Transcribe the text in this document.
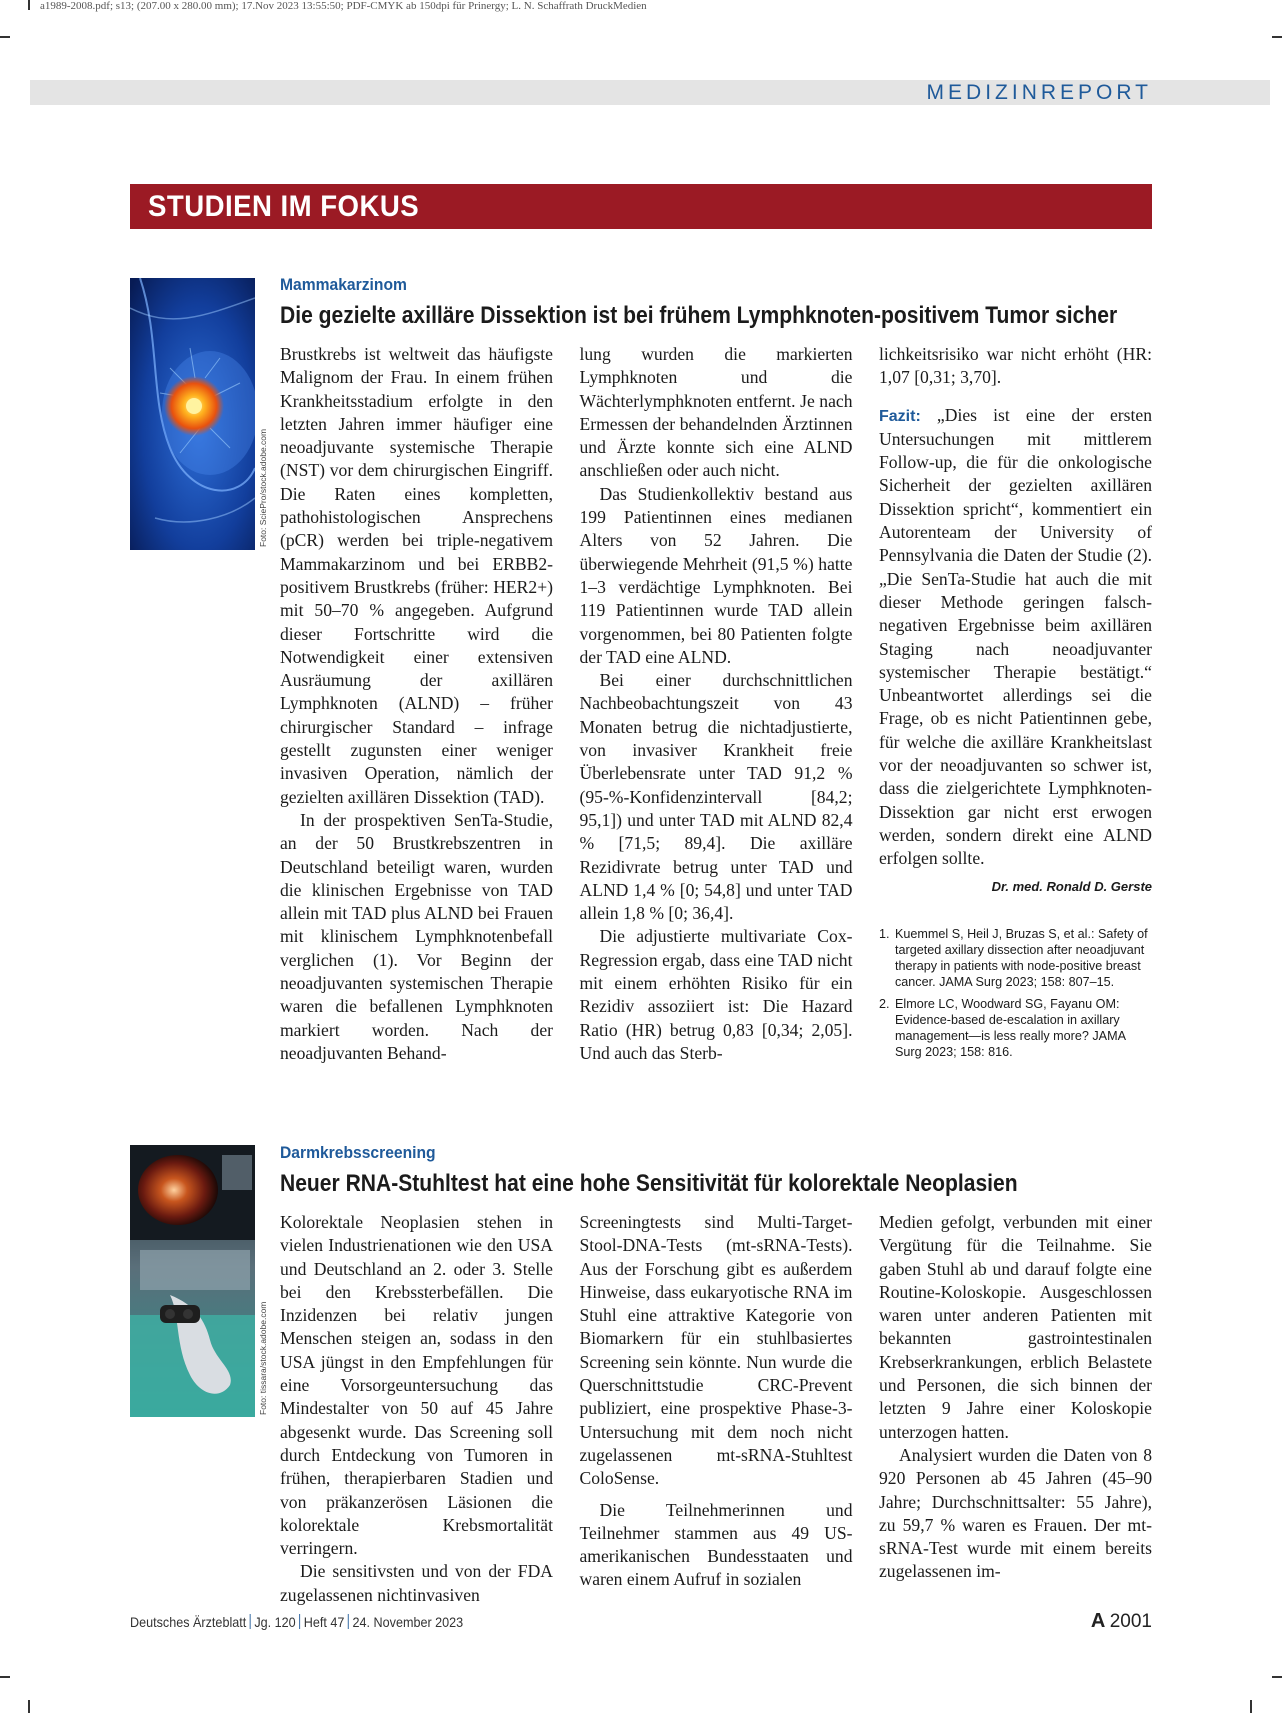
a1989-2008.pdf; s13; (207.00 x 280.00 mm); 17.Nov 2023 13:55:50; PDF-CMYK ab 150dpi für Prinergy; L. N. Schaffrath DruckMedien
MEDIZINREPORT
STUDIEN IM FOKUS
Foto: SciePro/stock.adobe.com
Mammakarzinom
Die gezielte axilläre Dissektion ist bei frühem Lymphknoten-positivem Tumor sicher

Brustkrebs ist weltweit das häufigste Malignom der Frau. In einem frühen Krankheitsstadium erfolgte in den letzten Jahren immer häufiger eine neoadjuvante systemische Therapie (NST) vor dem chirurgischen Eingriff. Die Raten eines kompletten, pathohistologischen Ansprechens (pCR) werden bei triple-negativem Mammakarzinom und bei ERBB2-positivem Brustkrebs (früher: HER2+) mit 50–70 % angegeben. Aufgrund dieser Fortschritte wird die Notwendigkeit einer extensiven Ausräumung der axillären Lymphknoten (ALND) – früher chirurgischer Standard – infrage gestellt zugunsten einer weniger invasiven Operation, nämlich der gezielten axillären Dissektion (TAD).

In der prospektiven SenTa-Studie, an der 50 Brustkrebszentren in Deutschland beteiligt waren, wurden die klinischen Ergebnisse von TAD allein mit TAD plus ALND bei Frauen mit klinischem Lymphknotenbefall verglichen (1). Vor Beginn der neoadjuvanten systemischen Therapie waren die befallenen Lymphknoten markiert worden. Nach der neoadjuvanten Behand-

lung wurden die markierten Lymphknoten und die Wächterlymphknoten entfernt. Je nach Ermessen der behandelnden Ärztinnen und Ärzte konnte sich eine ALND anschließen oder auch nicht.

Das Studienkollektiv bestand aus 199 Patientinnen eines medianen Alters von 52 Jahren. Die überwiegende Mehrheit (91,5 %) hatte 1–3 verdächtige Lymphknoten. Bei 119 Patientinnen wurde TAD allein vorgenommen, bei 80 Patienten folgte der TAD eine ALND.

Bei einer durchschnittlichen Nachbeobachtungszeit von 43 Monaten betrug die nichtadjustierte, von invasiver Krankheit freie Überlebensrate unter TAD 91,2 % (95-%-Konfidenzintervall [84,2; 95,1]) und unter TAD mit ALND 82,4 % [71,5; 89,4]. Die axilläre Rezidivrate betrug unter TAD und ALND 1,4 % [0; 54,8] und unter TAD allein 1,8 % [0; 36,4].

Die adjustierte multivariate Cox-Regression ergab, dass eine TAD nicht mit einem erhöhten Risiko für ein Rezidiv assoziiert ist: Die Hazard Ratio (HR) betrug 0,83 [0,34; 2,05]. Und auch das Sterb-

lichkeitsrisiko war nicht erhöht (HR: 1,07 [0,31; 3,70].

Fazit: „Dies ist eine der ersten Untersuchungen mit mittlerem Follow-up, die für die onkologische Sicherheit der gezielten axillären Dissektion spricht“, kommentiert ein Autorenteam der University of Pennsylvania die Daten der Studie (2). „Die SenTa-Studie hat auch die mit dieser Methode geringen falsch-negativen Ergebnisse beim axillären Staging nach neoadjuvanter systemischer Therapie bestätigt.“ Unbeantwortet allerdings sei die Frage, ob es nicht Patientinnen gebe, für welche die axilläre Krankheitslast vor der neoadjuvanten so schwer ist, dass die zielgerichtete Lymphknoten-Dissektion gar nicht erst erwogen werden, sondern direkt eine ALND erfolgen sollte.

Dr. med. Ronald D. Gerste
1. Kuemmel S, Heil J, Bruzas S, et al.: Safety of targeted axillary dissection after neoadjuvant therapy in patients with node-positive breast cancer. JAMA Surg 2023; 158: 807–15.
2. Elmore LC, Woodward SG, Fayanu OM: Evidence-based de-escalation in axillary management—is less really more? JAMA Surg 2023; 158: 816.
Foto: tissara/stock.adobe.com
Darmkrebsscreening
Neuer RNA-Stuhltest hat eine hohe Sensitivität für kolorektale Neoplasien

Kolorektale Neoplasien stehen in vielen Industrienationen wie den USA und Deutschland an 2. oder 3. Stelle bei den Krebssterbefällen. Die Inzidenzen bei relativ jungen Menschen steigen an, sodass in den USA jüngst in den Empfehlungen für eine Vorsorgeuntersuchung das Mindestalter von 50 auf 45 Jahre abgesenkt wurde. Das Screening soll durch Entdeckung von Tumoren in frühen, therapierbaren Stadien und von präkanzerösen Läsionen die kolorektale Krebsmortalität verringern.

Die sensitivsten und von der FDA zugelassenen nichtinvasiven

Screeningtests sind Multi-Target-Stool-DNA-Tests (mt-sRNA-Tests). Aus der Forschung gibt es außerdem Hinweise, dass eukaryotische RNA im Stuhl eine attraktive Kategorie von Biomarkern für ein stuhlbasiertes Screening sein könnte. Nun wurde die Querschnittstudie CRC-Prevent publiziert, eine prospektive Phase-3-Untersuchung mit dem noch nicht zugelassenen mt-sRNA-Stuhltest ColoSense.

Die Teilnehmerinnen und Teilnehmer stammen aus 49 US-amerikanischen Bundesstaaten und waren einem Aufruf in sozialen

Medien gefolgt, verbunden mit einer Vergütung für die Teilnahme. Sie gaben Stuhl ab und darauf folgte eine Routine-Koloskopie. Ausgeschlossen waren unter anderen Patienten mit bekannten gastrointestinalen Krebserkrankungen, erblich Belastete und Personen, die sich binnen der letzten 9 Jahre einer Koloskopie unterzogen hatten.

Analysiert wurden die Daten von 8 920 Personen ab 45 Jahren (45–90 Jahre; Durchschnittsalter: 55 Jahre), zu 59,7 % waren es Frauen. Der mt-sRNA-Test wurde mit einem bereits zugelassenen im-

Deutsches Ärzteblatt Jg. 120 Heft 47 24. November 2023	A 2001
